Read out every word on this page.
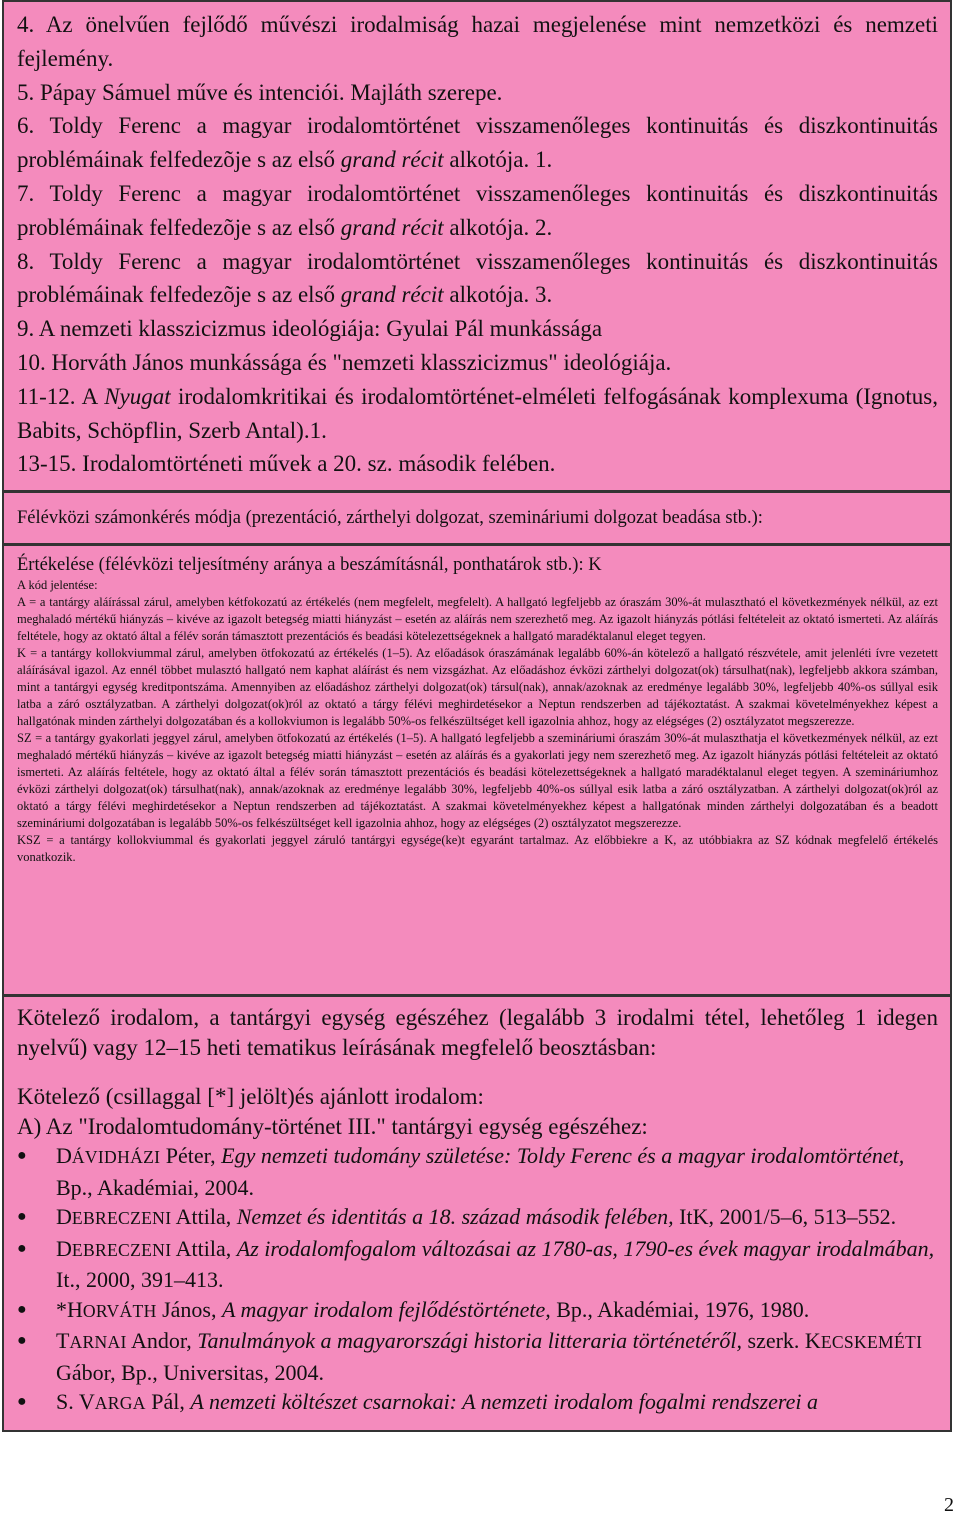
4. Az önelvűen fejlődő művészi irodalmiság hazai megjelenése mint nemzetközi és nemzeti fejlemény.

5. Pápay Sámuel műve és intenciói. Majláth szerepe.

6. Toldy Ferenc a magyar irodalomtörténet visszamenőleges kontinuitás és diszkontinuitás problémáinak felfedezõje s az első grand récit alkotója. 1.

7. Toldy Ferenc a magyar irodalomtörténet visszamenőleges kontinuitás és diszkontinuitás problémáinak felfedezõje s az első grand récit alkotója. 2.

8. Toldy Ferenc a magyar irodalomtörténet visszamenőleges kontinuitás és diszkontinuitás problémáinak felfedezõje s az első grand récit alkotója. 3.

9. A nemzeti klasszicizmus ideológiája: Gyulai Pál munkássága

10. Horváth János munkássága és "nemzeti klasszicizmus" ideológiája.

11-12. A Nyugat irodalomkritikai és irodalomtörténet-elméleti felfogásának komplexuma (Ignotus, Babits, Schöpflin, Szerb Antal).1.

13-15. Irodalomtörténeti művek a 20. sz. második felében.

Félévközi számonkérés módja (prezentáció, zárthelyi dolgozat, szemináriumi dolgozat beadása stb.):

Értékelése (félévközi teljesítmény aránya a beszámításnál, ponthatárok stb.): K

A kód jelentése:

A = a tantárgy aláírással zárul, amelyben kétfokozatú az értékelés (nem megfelelt, megfelelt). A hallgató legfeljebb az óraszám 30%-át mulasztható el következmények nélkül, az ezt meghaladó mértékű hiányzás – kivéve az igazolt betegség miatti hiányzást – esetén az aláírás nem szerezhető meg. Az igazolt hiányzás pótlási feltételeit az oktató ismerteti. Az aláírás feltétele, hogy az oktató által a félév során támasztott prezentációs és beadási kötelezettségeknek a hallgató maradéktalanul eleget tegyen.

K = a tantárgy kollokviummal zárul, amelyben ötfokozatú az értékelés (1–5). Az előadások óraszámának legalább 60%-án kötelező a hallgató részvétele, amit jelenléti ívre vezetett aláírásával igazol. Az ennél többet mulasztó hallgató nem kaphat aláírást és nem vizsgázhat. Az előadáshoz évközi zárthelyi dolgozat(ok) társulhat(nak), legfeljebb akkora számban, mint a tantárgyi egység kreditpontszáma. Amennyiben az előadáshoz zárthelyi dolgozat(ok) társul(nak), annak/azoknak az eredménye legalább 30%, legfeljebb 40%-os súllyal esik latba a záró osztályzatban. A zárthelyi dolgozat(ok)ról az oktató a tárgy félévi meghirdetésekor a Neptun rendszerben ad tájékoztatást. A szakmai követelményekhez képest a hallgatónak minden zárthelyi dolgozatában és a kollokviumon is legalább 50%-os felkészültséget kell igazolnia ahhoz, hogy az elégséges (2) osztályzatot megszerezze.

SZ = a tantárgy gyakorlati jeggyel zárul, amelyben ötfokozatú az értékelés (1–5). A hallgató legfeljebb a szemináriumi óraszám 30%-át mulaszthatja el következmények nélkül, az ezt meghaladó mértékű hiányzás – kivéve az igazolt betegség miatti hiányzást – esetén az aláírás és a gyakorlati jegy nem szerezhető meg. Az igazolt hiányzás pótlási feltételeit az oktató ismerteti. Az aláírás feltétele, hogy az oktató által a félév során támasztott prezentációs és beadási kötelezettségeknek a hallgató maradéktalanul eleget tegyen. A szemináriumhoz évközi zárthelyi dolgozat(ok) társulhat(nak), annak/azoknak az eredménye legalább 30%, legfeljebb 40%-os súllyal esik latba a záró osztályzatban. A zárthelyi dolgozat(ok)ról az oktató a tárgy félévi meghirdetésekor a Neptun rendszerben ad tájékoztatást. A szakmai követelményekhez képest a hallgatónak minden zárthelyi dolgozatában és a beadott szemináriumi dolgozatában is legalább 50%-os felkészültséget kell igazolnia ahhoz, hogy az elégséges (2) osztályzatot megszerezze.

KSZ = a tantárgy kollokviummal és gyakorlati jeggyel záruló tantárgyi egysége(ke)t egyaránt tartalmaz. Az előbbiekre a K, az utóbbiakra az SZ kódnak megfelelő értékelés vonatkozik.

Kötelező irodalom, a tantárgyi egység egészéhez (legalább 3 irodalmi tétel, lehetőleg 1 idegen nyelvű) vagy 12–15 heti tematikus leírásának megfelelő beosztásban:

Kötelező (csillaggal [*] jelölt)és ajánlott irodalom:

A) Az "Irodalomtudomány-történet III." tantárgyi egység egészéhez:

● DÁVIDHÁZI Péter, Egy nemzeti tudomány születése: Toldy Ferenc és a magyar irodalomtörténet, Bp., Akadémiai, 2004.
● DEBRECZENI Attila, Nemzet és identitás a 18. század második felében, ItK, 2001/5–6, 513–552.
● DEBRECZENI Attila, Az irodalomfogalom változásai az 1780-as, 1790-es évek magyar irodalmában, It., 2000, 391–413.
● *HORVÁTH János, A magyar irodalom fejlődéstörténete, Bp., Akadémiai, 1976, 1980.
● TARNAI Andor, Tanulmányok a magyarországi historia litteraria történetéről, szerk. KECSKEMÉTI Gábor, Bp., Universitas, 2004.
● S. VARGA Pál, A nemzeti költészet csarnokai: A nemzeti irodalom fogalmi rendszerei a
2
